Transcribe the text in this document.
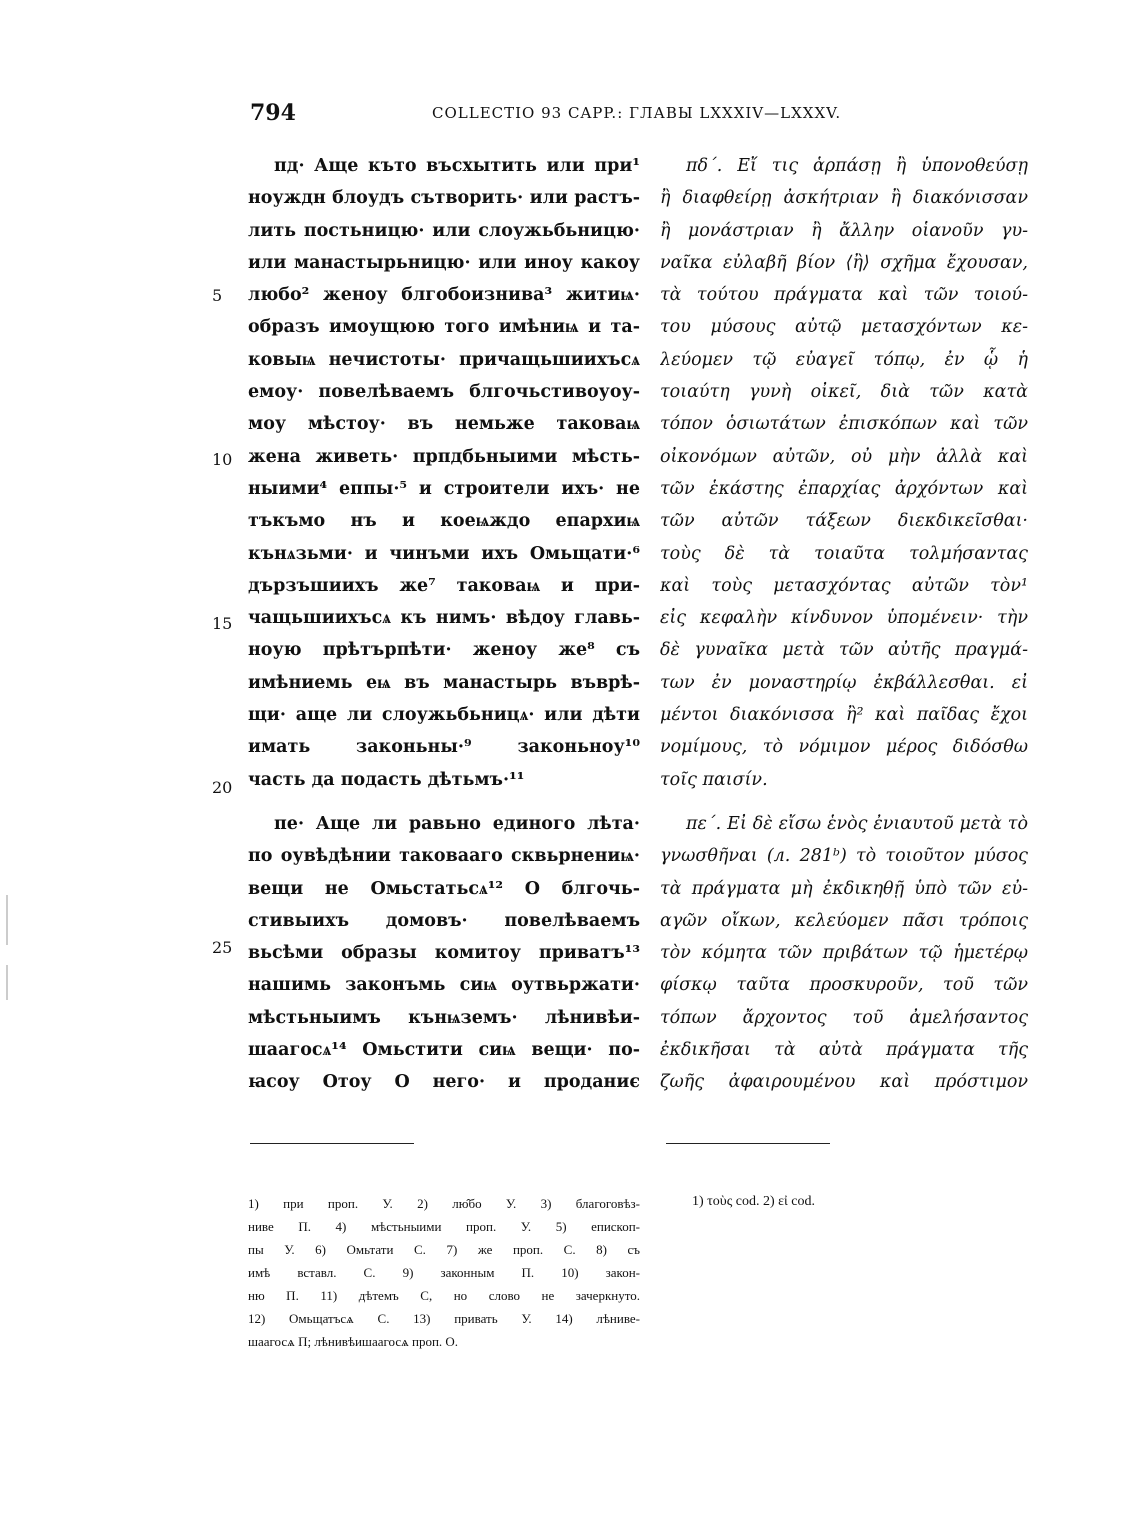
794	COLLECTIO 93 CAPP.: ГЛАВЫ LXXXIV—LXXXV.
5
10
15
20
25
пд· Аще къто въсхытить или при¹
ноуждн блоудъ сътворить· или растъ-
лить постьницю· или слоужьбьницю·
или манастырьницю· или иноу какоу
любо² женоу блгобоизнива³ житиѩ·
образъ имоущюю того имѣниѩ и та-
ковыѩ нечистоты· причащьшиихъсѧ
емоу· повелѣваемъ блгочьстивоуоу-
моу мѣстоу· въ немьже таковаѩ
жена живеть· прпдбьныими мѣсть-
ныими⁴ еппы·⁵ и строители ихъ· не
тъкъмо нъ и коеѩждо епархиѩ
кънѧзьми· и чинъми ихъ Омьщати·⁶
дързъшиихъ же⁷ таковаѩ и при-
чащьшиихъсѧ къ нимъ· вѣдоу главь-
ноую прѣтърпѣти· женоу же⁸ съ
имѣниемь еѩ въ манастырь въврѣ-
щи· аще ли слоужьбьницѧ· или дѣти
имать законьны·⁹ законьноу¹⁰
часть да подасть дѣтьмъ·¹¹
пе· Аще ли равьно единого лѣта·
по оувѣдѣнии таковааго сквьрнениѩ·
вещи не Омьстатьсѧ¹² О блгочь-
стивыихъ домовъ· повелѣваемъ
вьсѣми образы комитоу приватъ¹³
нашимь законъмь сиѩ оутвьржати·
мѣстьныимъ кънѩземъ· лѣнивѣи-
шаагосѧ¹⁴ Омьстити сиѩ вещи· по-
ꙗсоу Отоу О него· и проданиє
πδ΄. Εἴ τις ἁρπάσῃ ἢ ὑπονοθεύσῃ
ἢ διαφθείρῃ ἀσκήτριαν ἢ διακόνισσαν
ἢ μονάστριαν ἢ ἄλλην οἱανοῦν γυ-
ναῖκα εὐλαβῆ βίον ⟨ἢ⟩ σχῆμα ἔχουσαν,
τὰ τούτου πράγματα καὶ τῶν τοιού-
του μύσους αὐτῷ μετασχόντων κε-
λεύομεν τῷ εὐαγεῖ τόπῳ, ἐν ᾧ ἡ
τοιαύτη γυνὴ οἰκεῖ, διὰ τῶν κατὰ
τόπον ὁσιωτάτων ἐπισκόπων καὶ τῶν
οἰκονόμων αὐτῶν, οὐ μὴν ἀλλὰ καὶ
τῶν ἑκάστης ἐπαρχίας ἀρχόντων καὶ
τῶν αὐτῶν τάξεων διεκδικεῖσθαι·
τοὺς δὲ τὰ τοιαῦτα τολμήσαντας
καὶ τοὺς μετασχόντας αὐτῶν τὸν¹
εἰς κεφαλὴν κίνδυνον ὑπομένειν· τὴν
δὲ γυναῖκα μετὰ τῶν αὐτῆς πραγμά-
των ἐν μοναστηρίῳ ἐκβάλλεσθαι. εἰ
μέντοι διακόνισσα ἢ² καὶ παῖδας ἔχοι
νομίμους, τὸ νόμιμον μέρος διδόσθω
τοῖς παισίν.
πε΄. Εἰ δὲ εἴσω ἑνὸς ἐνιαυτοῦ μετὰ τὸ
γνωσθῆναι (л. 281ᵇ) τὸ τοιοῦτον μύσος
τὰ πράγματα μὴ ἐκδικηθῇ ὑπὸ τῶν εὐ-
αγῶν οἴκων, κελεύομεν πᾶσι τρόποις
τὸν κόμητα τῶν πριβάτων τῷ ἡμετέρῳ
φίσκῳ ταῦτα προσκυροῦν, τοῦ τῶν
τόπων ἄρχοντος τοῦ ἀμελήσαντος
ἐκδικῆσαι τὰ αὐτὰ πράγματα τῆς
ζωῆς ἀφαιρουμένου καὶ πρόστιμον
1) при проп. У. 2) лю̂бо У. 3) благоговѣз-
ниве П. 4) мѣстьныими проп. У. 5) епископ-
пы У. 6) Омьтати С. 7) же проп. С. 8) съ
имѣ вставл. С. 9) законным П. 10) закон-
ню П. 11) дѣтемъ С, но слово не зачеркнуто.
12) Омьщатъсѧ С. 13) привать У. 14) лѣниве-
шаагосѧ П; лѣнивѣишаагосѧ проп. О.
1) τοὺς cod. 2) εἰ cod.
